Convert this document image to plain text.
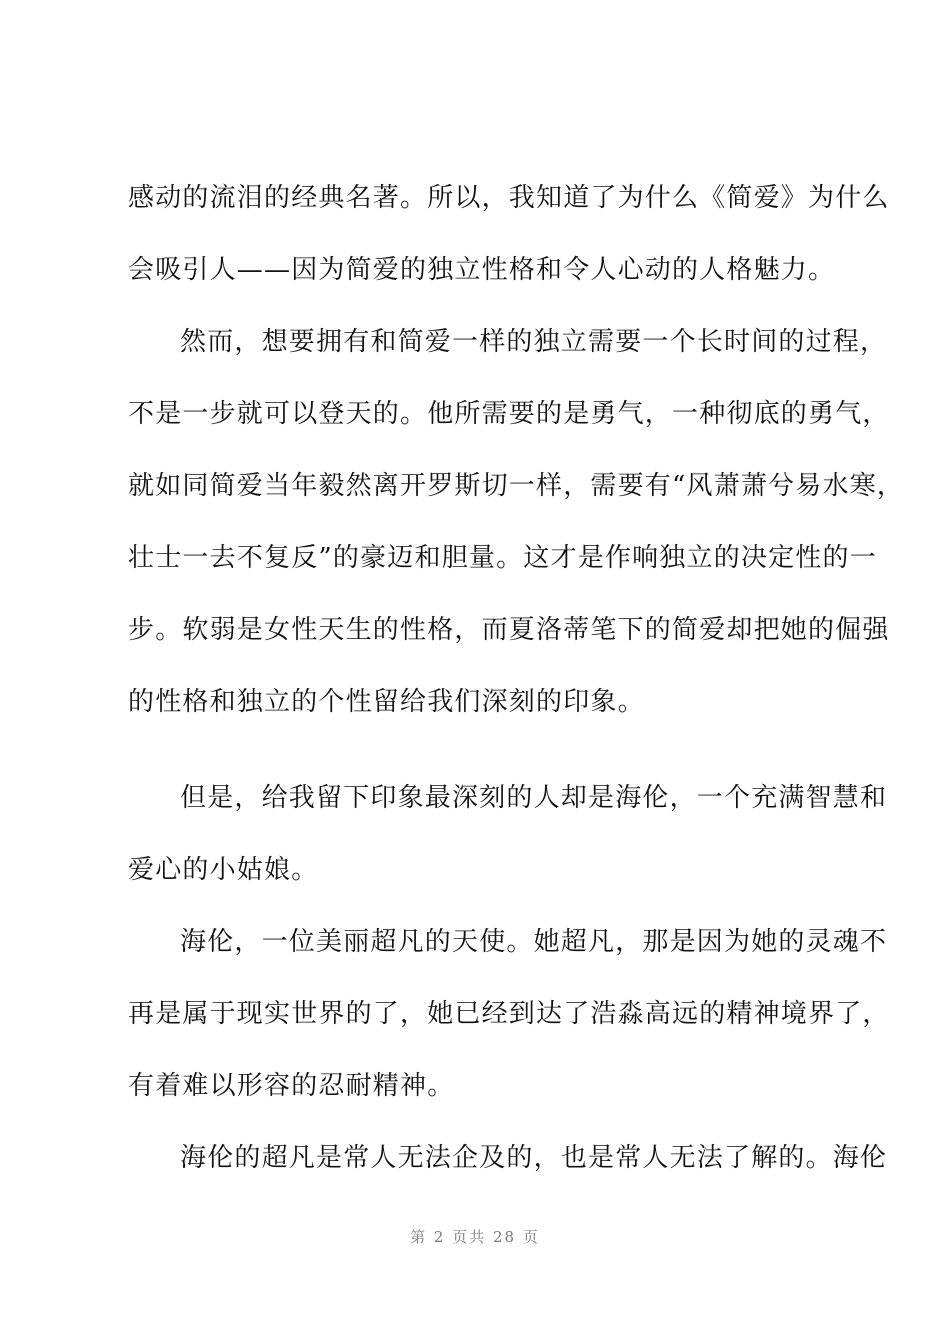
感动的流泪的经典名著。所以，我知道了为什么《简爱》为什么
会吸引人——因为简爱的独立性格和令人心动的人格魅力。
然而，想要拥有和简爱一样的独立需要一个长时间的过程，
不是一步就可以登天的。他所需要的是勇气，一种彻底的勇气，
就如同简爱当年毅然离开罗斯切一样，需要有“风萧萧兮易水寒，
壮士一去不复反”的豪迈和胆量。这才是作响独立的决定性的一
步。软弱是女性天生的性格，而夏洛蒂笔下的简爱却把她的倔强
的性格和独立的个性留给我们深刻的印象。
但是，给我留下印象最深刻的人却是海伦，一个充满智慧和
爱心的小姑娘。
海伦，一位美丽超凡的天使。她超凡，那是因为她的灵魂不
再是属于现实世界的了，她已经到达了浩淼高远的精神境界了，
有着难以形容的忍耐精神。
海伦的超凡是常人无法企及的，也是常人无法了解的。海伦
第 2 页共 28 页
